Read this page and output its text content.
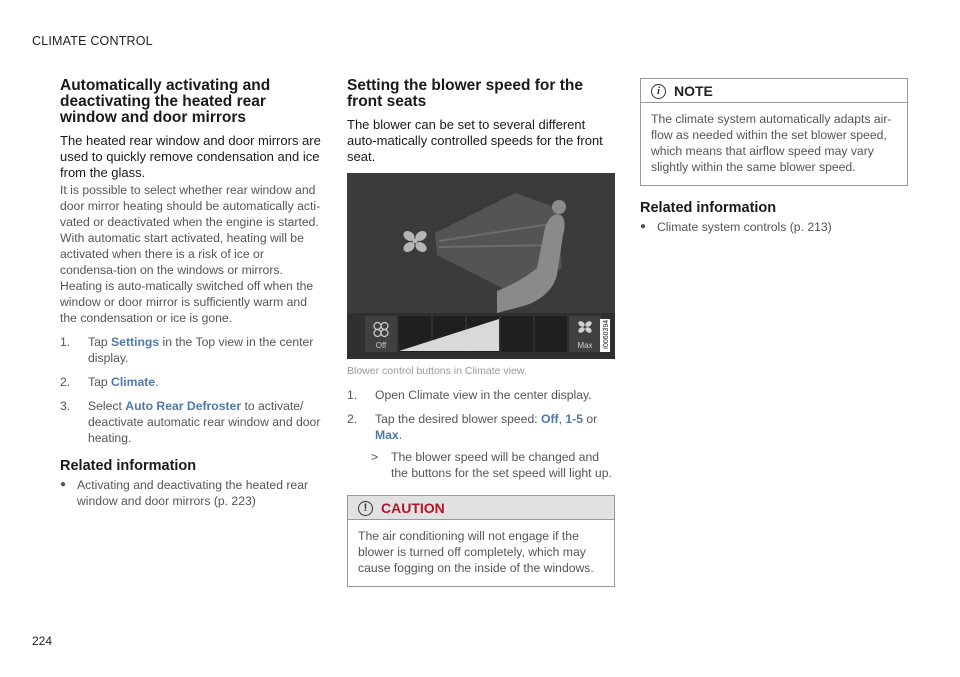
CLIMATE CONTROL
Automatically activating and deactivating the heated rear window and door mirrors

The heated rear window and door mirrors are used to quickly remove condensation and ice from the glass.

It is possible to select whether rear window and door mirror heating should be automatically acti-vated or deactivated when the engine is started. With automatic start activated, heating will be activated when there is a risk of ice or condensa-tion on the windows or mirrors. Heating is auto-matically switched off when the window or door mirror is sufficiently warm and the condensation or ice is gone.

1. Tap Settings in the Top view in the center display.
2. Tap Climate.
3. Select Auto Rear Defroster to activate/ deactivate automatic rear window and door heating.
Related information
● Activating and deactivating the heated rear window and door mirrors (p. 223)
Setting the blower speed for the front seats

The blower can be set to several different auto-matically controlled speeds for the front seat.

Off	Max I0060394
Blower control buttons in Climate view.
1. Open Climate view in the center display.
2. Tap the desired blower speed: Off, 1-5 or Max.
> The blower speed will be changed and the buttons for the set speed will light up.
! CAUTION
The air conditioning will not engage if the blower is turned off completely, which may cause fogging on the inside of the windows.
i NOTE
The climate system automatically adapts air-flow as needed within the set blower speed, which means that airflow speed may vary slightly within the same blower speed.
Related information
● Climate system controls (p. 213)
224
